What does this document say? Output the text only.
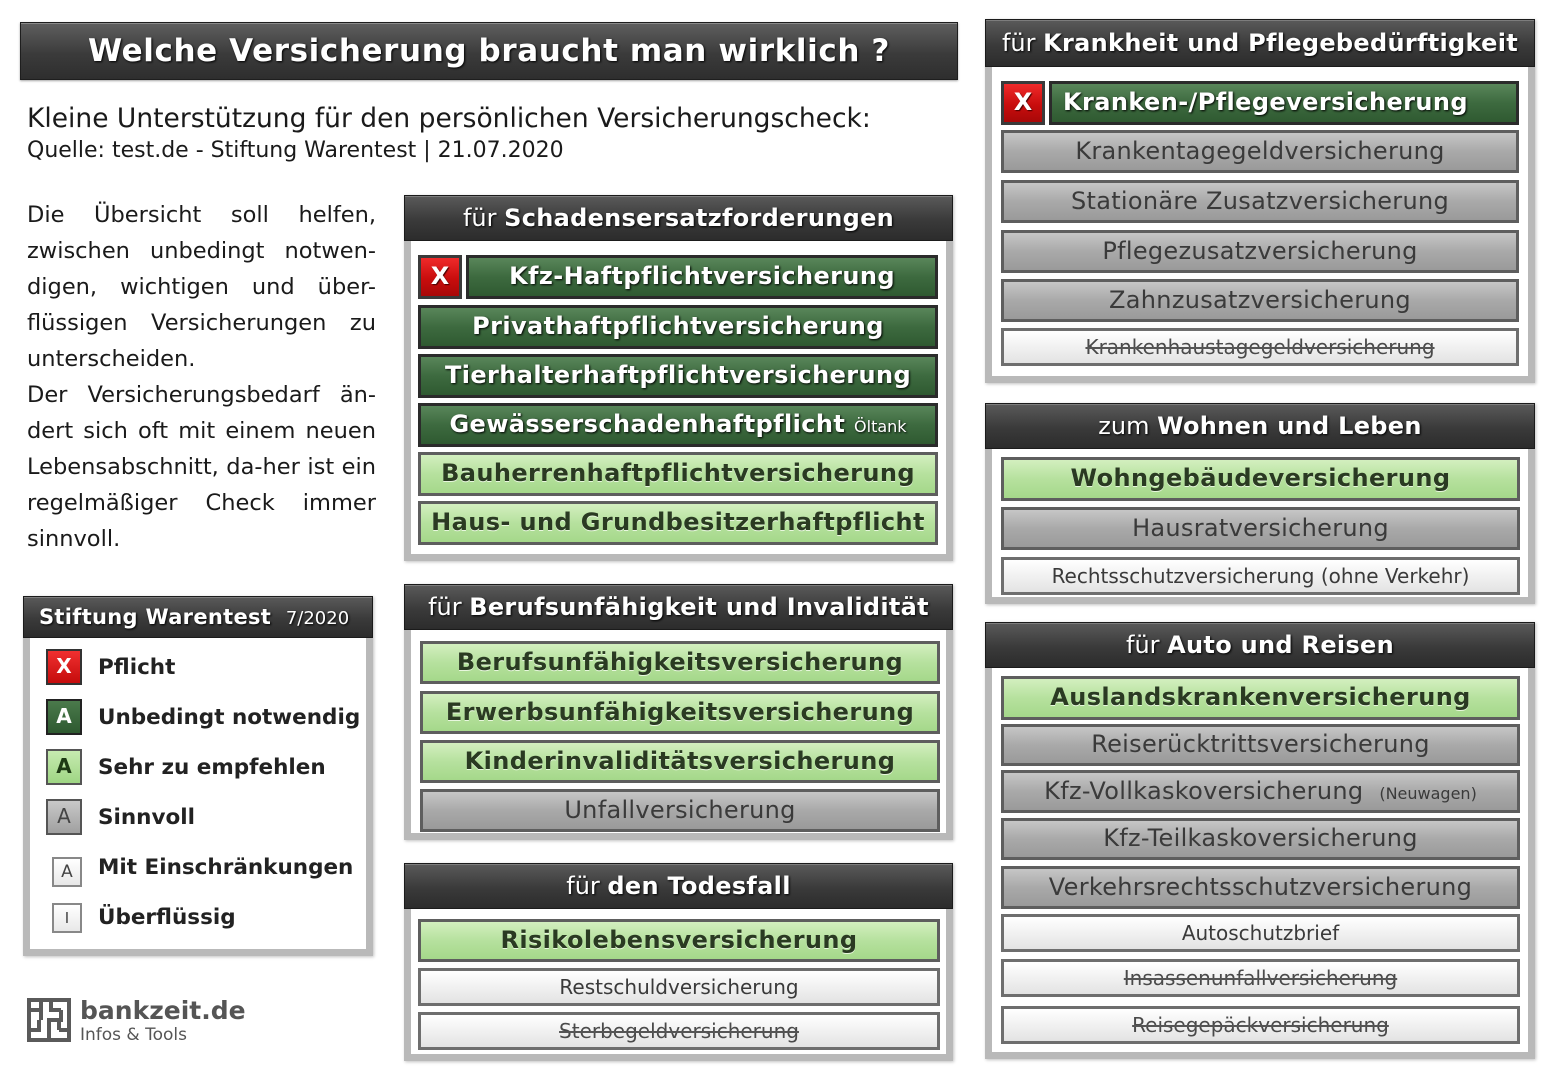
Welche Versicherung braucht man wirklich ?
Kleine Unterstützung für den persönlichen Versicherungscheck:
Quelle: test.de - Stiftung Warentest | 21.07.2020

Die Übersicht soll helfen, zwischen unbedingt notwen-digen, wichtigen und über-flüssigen Versicherungen zu unterscheiden.

Der Versicherungsbedarf än-dert sich oft mit einem neuen Lebensabschnitt, da-her ist ein regelmäßiger Check immer sinnvoll.

Stiftung Warentest 7/2020
X	Pflicht
A	Unbedingt notwendig
A	Sehr zu empfehlen
A	Sinnvoll
A	Mit Einschränkungen
I	Überflüssig
bankzeit.de
Infos & Tools
für Schadensersatzforderungen
X	Kfz-Haftpflichtversicherung
Privathaftpflichtversicherung
Tierhalterhaftpflichtversicherung
Gewässerschadenhaftpflicht Öltank
Bauherrenhaftpflichtversicherung
Haus- und Grundbesitzerhaftpflicht
für Berufsunfähigkeit und Invalidität
Berufsunfähigkeitsversicherung
Erwerbsunfähigkeitsversicherung
Kinderinvaliditätsversicherung
Unfallversicherung
für den Todesfall
Risikolebensversicherung
Restschuldversicherung
Sterbegeldversicherung
für Krankheit und Pflegebedürftigkeit
X	Kranken-/Pflegeversicherung
Krankentagegeldversicherung
Stationäre Zusatzversicherung
Pflegezusatzversicherung
Zahnzusatzversicherung
Krankenhaustagegeldversicherung
zum Wohnen und Leben
Wohngebäudeversicherung
Hausratversicherung
Rechtsschutzversicherung (ohne Verkehr)
für Auto und Reisen
Auslandskrankenversicherung
Reiserücktrittsversicherung
Kfz-Vollkaskoversicherung (Neuwagen)
Kfz-Teilkaskoversicherung
Verkehrsrechtsschutzversicherung
Autoschutzbrief
Insassenunfallversicherung
Reisegepäckversicherung
